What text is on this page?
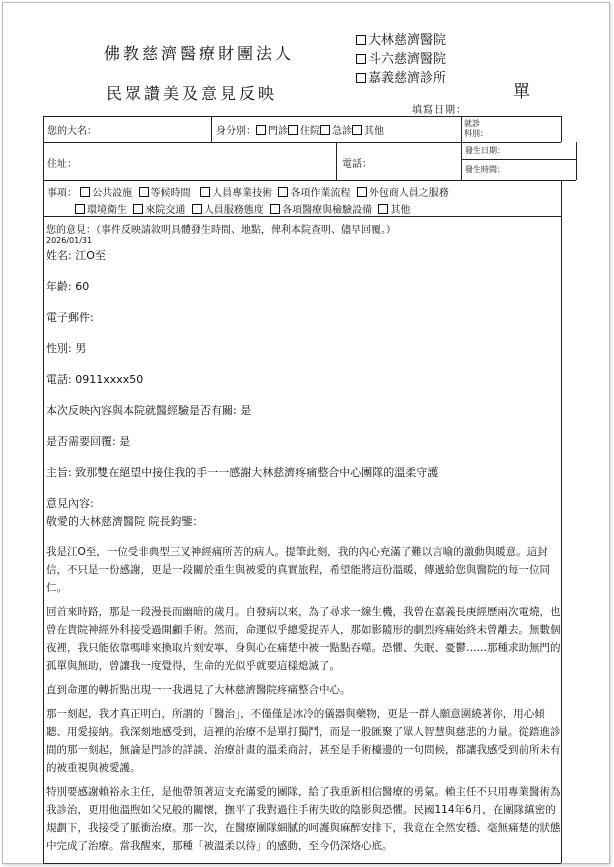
佛教慈濟醫療財團法人
民眾讚美及意見反映
大林慈濟醫院
斗六慈濟醫院
嘉義慈濟診所
單
填寫日期：
您的大名：	身分別： 門診 住院 急診 其他
就診
科別：
住址：	電話：
發生日期：
發生時間：
事項： 公共設施 等候時間 人員專業技術 各項作業流程 外包商人員之服務
環境衛生 來院交通 人員服務態度 各項醫療與檢驗設備 其他

您的意見：（事件反映請敘明具體發生時間、地點，俾利本院查明、儘早回覆。）

2026/01/31

姓名: 江O至

年齡: 60

電子郵件:

性別: 男

電話: 0911xxxx50

本次反映內容與本院就醫經驗是否有關: 是

是否需要回覆: 是

主旨: 致那雙在絕望中接住我的手一一感謝大林慈濟疼痛整合中心團隊的溫柔守護

意見內容:

敬愛的大林慈濟醫院 院長鈞鑒：

我是江O至，一位受非典型三叉神經痛所苦的病人。提筆此刻，我的內心充滿了難以言喻的激動與暖意。這封信，不只是一份感謝，更是一段關於重生與被愛的真實旅程，希望能將這份溫暖，傳遞給您與醫院的每一位同仁。

回首來時路，那是一段漫長而幽暗的歲月。自發病以來，為了尋求一線生機，我曾在嘉義長庚經歷兩次電燒，也曾在貴院神經外科接受過開顱手術。然而，命運似乎總愛捉弄人，那如影隨形的劇烈疼痛始終未曾離去。無數個夜裡，我只能依靠嗎啡來換取片刻安寧，身與心在痛楚中被一點點吞噬。恐懼、失眠、憂鬱……那種求助無門的孤單與無助，曾讓我一度覺得，生命的光似乎就要這樣熄滅了。

直到命運的轉折點出現一一我遇見了大林慈濟醫院疼痛整合中心。

那一刻起，我才真正明白，所謂的「醫治」，不僅僅是冰冷的儀器與藥物，更是一群人願意圍繞著你，用心傾聽、用愛接納。我深刻地感受到，這裡的治療不是單打獨鬥，而是一股匯聚了眾人智慧與慈悲的力量。從踏進診間的那一刻起，無論是門診的詳談、治療計畫的溫柔商討，甚至是手術檯邊的一句問候，都讓我感受到前所未有的被重視與被愛護。

特別要感謝賴裕永主任，是他帶領著這支充滿愛的團隊，給了我重新相信醫療的勇氣。賴主任不只用專業醫術為我診治，更用他溫煦如父兄般的關懷，撫平了我對過往手術失敗的陰影與恐懼。民國114年6月，在團隊縝密的規劃下，我接受了脈衝治療。那一次，在醫療團隊細膩的呵護與麻醉安排下，我竟在全然安穩、毫無痛楚的狀態中完成了治療。當我醒來，那種「被溫柔以待」的感動，至今仍深烙心底。
